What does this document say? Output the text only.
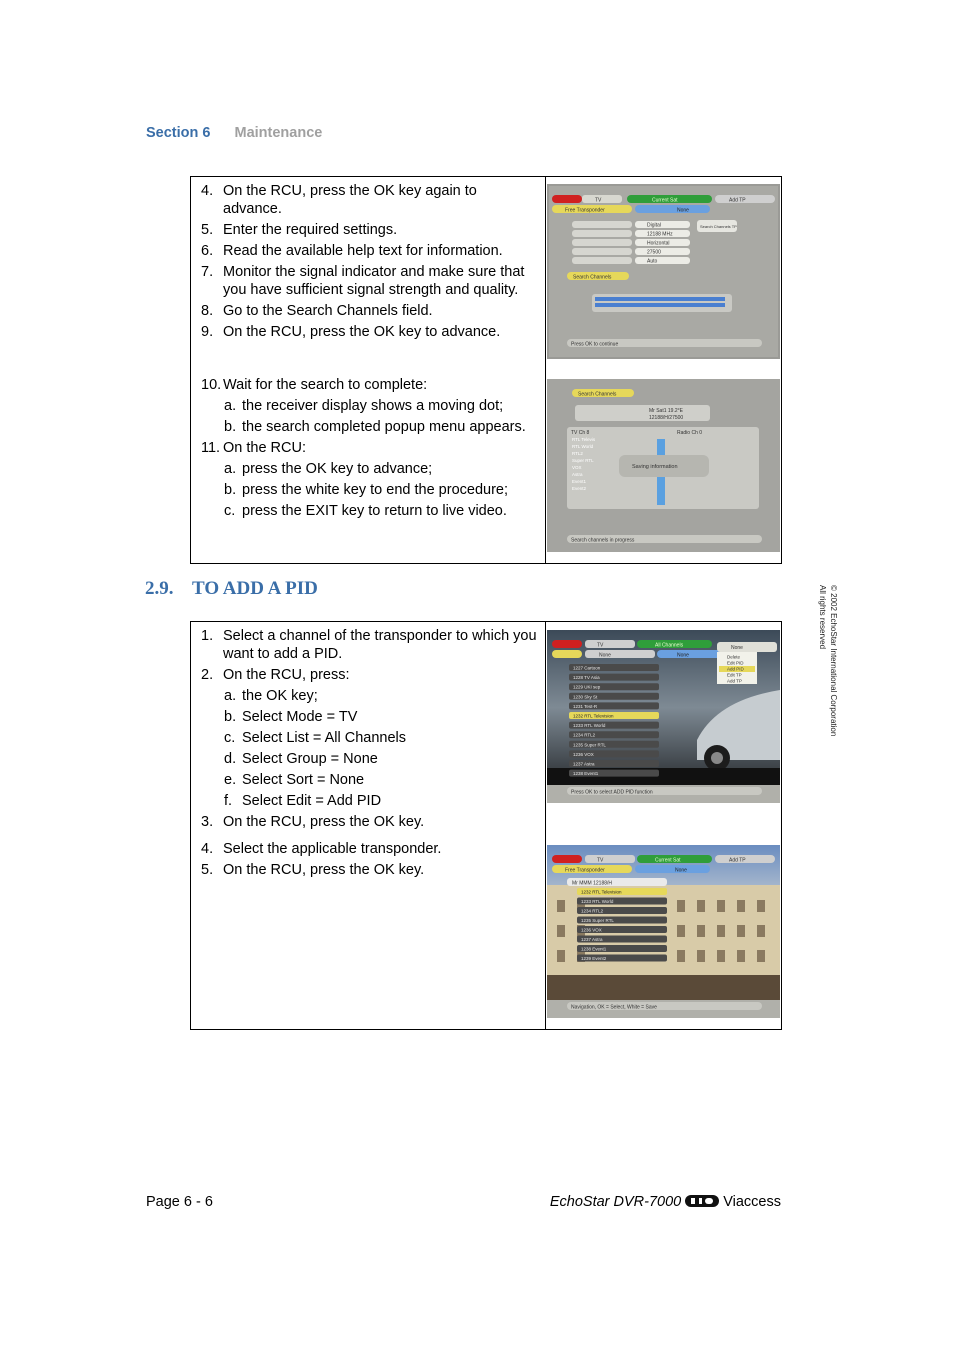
Section 6 Maintenance
4. On the RCU, press the OK key again to advance.
5. Enter the required settings.
6. Read the available help text for information.
7. Monitor the signal indicator and make sure that
you have sufficient signal strength and quality.
8. Go to the Search Channels field.
9. On the RCU, press the OK key to advance.
10. Wait for the search to complete:
a. the receiver display shows a moving dot;
b. the search completed popup menu appears.
11. On the RCU:
a. press the OK key to advance;
b. press the white key to end the procedure;
c. press the EXIT key to return to live video.
TV	Current Sat	Add TP
Free Transponder	None
Digital
12188 MHz
Horizontal
27500
Auto
Search Channels TP
Search Channels
Press OK to continue
Search Channels
Mr Sat1 19.2°E
12188/H/27500
TV Ch 8	Radio Ch 0
RTL Televis
RTL World
RTL2
Super RTL
VOX
Astra
Event1
Event2
Saving information
Search channels in progress
2.9. TO ADD A PID
1. Select a channel of the transponder to which you
want to add a PID.
2. On the RCU, press:
a. the OK key;
b. Select Mode = TV
c. Select List = All Channels
d. Select Group = None
e. Select Sort = None
f. Select Edit = Add PID
3. On the RCU, press the OK key.
4. Select the applicable transponder.
5. On the RCU, press the OK key.
TV	All Channels
None	None
None
Delete
Edit PID
Add PID
Edit TP
Add TP
1227 Cartoon
1228 TV Asia
1229 UKI sep
1230 Sky St
1231 Test-R
1232 RTL Television
1233 RTL World
1234 RTL2
1235 Super RTL
1236 VOX
1237 Astra
1238 Event1
Press OK to select ADD PID function
TV	Current Sat	Add TP
Free Transponder	None
Mr MMM 12188/H
1232 RTL Television
1233 RTL World
1234 RTL2
1235 Super RTL
1236 VOX
1237 Astra
1238 Event1
1239 Event2
Navigation, OK = Select, White = Save
© 2002 EchoStar International Corporation
All rights reserved
Page 6 - 6	EchoStar DVR-7000	Viaccess
